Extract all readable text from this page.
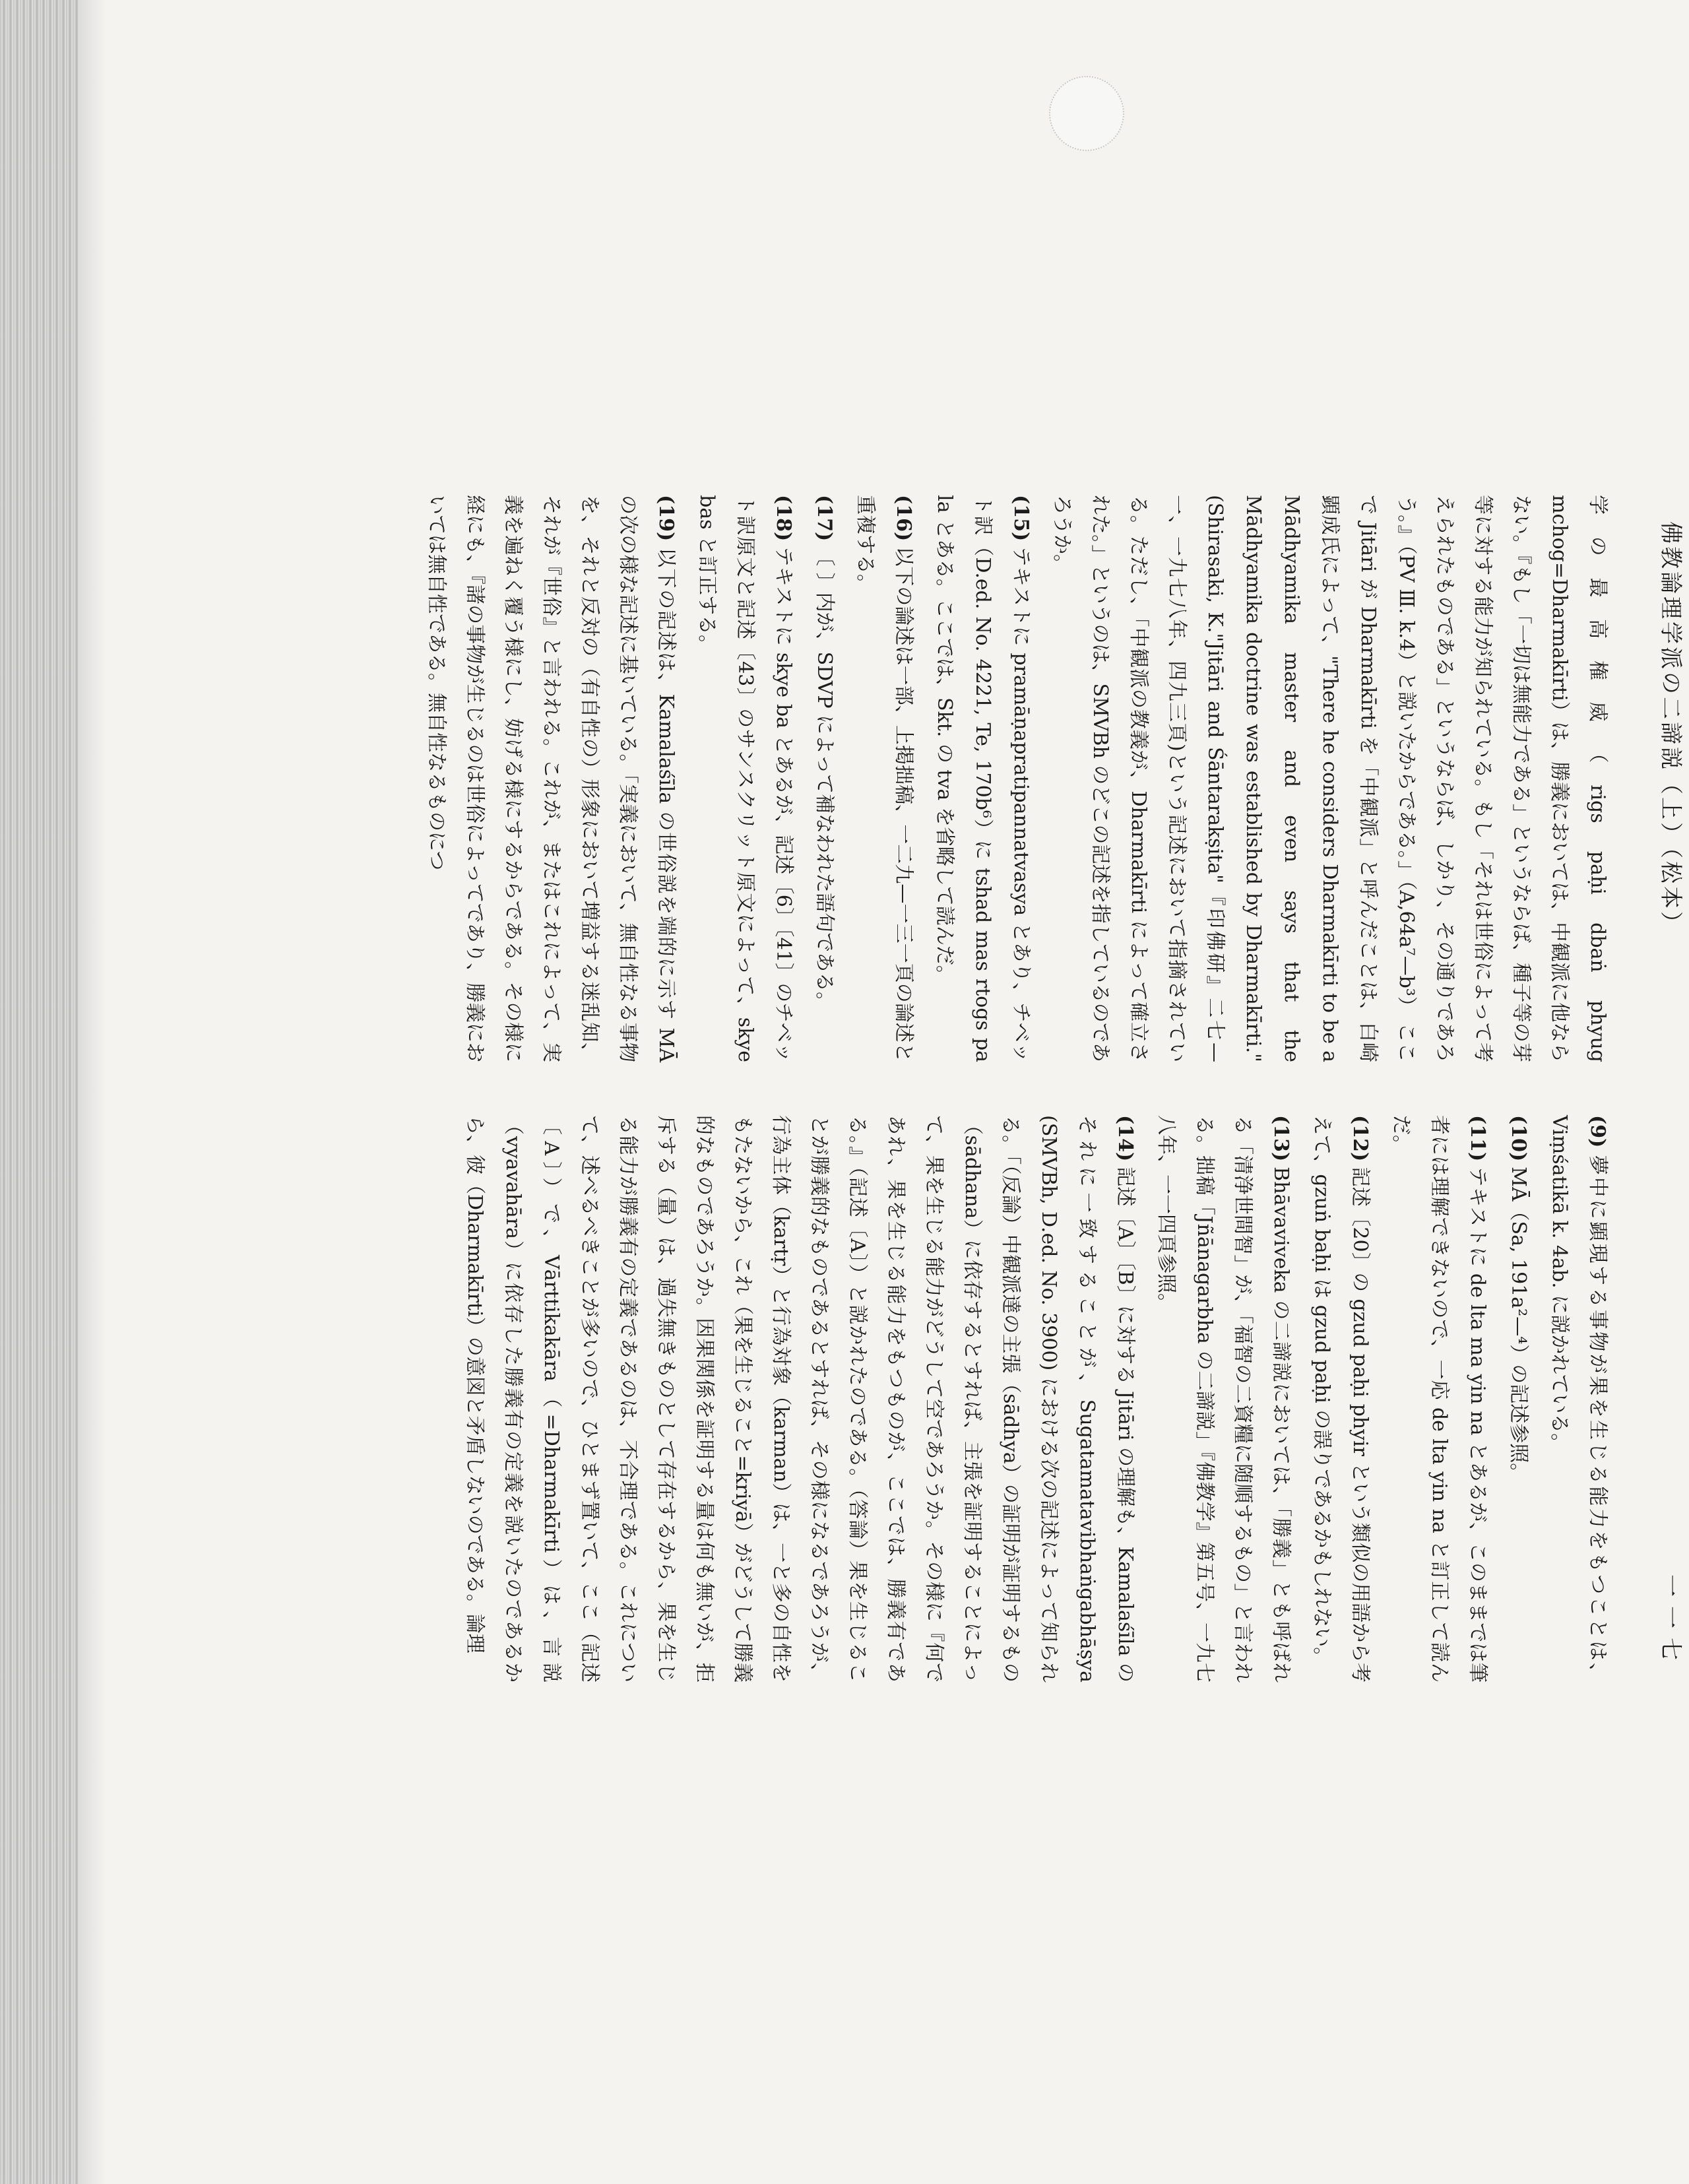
佛教論理学派の二諦説（上）（松本）
一一七

学の最高権威（rigs paḥi dbaṅ phyug mchog=Dharmakīrti）は、勝義においては、中観派に他ならない。『もし「一切は無能力である」というならば、種子等の芽等に対する能力が知られている。もし「それは世俗によって考えられたものである」というならば、しかり、その通りであろう。』（PV Ⅲ. k.4）と説いたからである。」（A,64a⁷—b³） ここで Jitāri が Dharmakīrti を「中観派」と呼んだことは、白崎顕成氏によって、"There he considers Dharmakīrti to be a Mādhyamika master and even says that the Mādhyamika doctrine was established by Dharmakīrti."(Shirasaki, K."Jitāri and Śāntarakṣita"『印佛研』二七—一、一九七八年、四九三頁)という記述において指摘されている。ただし、「中観派の教義が、Dharmakīrti によって確立された。」というのは、SMVBh のどこの記述を指しているのであろうか。

(15)テキストに pramāṇapratipannatvasya とあり、チベット訳（D.ed. No. 4221, Te, 170b⁶）に tshad mas rtogs pa la とある。ここでは、Skt. の tva を省略して読んだ。

(16)以下の論述は一部、上掲拙稿、一二九—一三一頁の論述と重複する。

(17)〔 〕内が、SDVP によって補なわれた語句である。

(18)テキストに skye ba とあるが、記述〔6〕〔41〕のチベット訳原文と記述〔43〕のサンスクリット原文によって、skye bas と訂正する。

(19)以下の記述は、Kamalaśīla の世俗説を端的に示す MĀ の次の様な記述に基いている。「実義において、無自性なる事物を、それと反対の（有自性の）形象において増益する迷乱知、それが『世俗』と言われる。これが、またはこれによって、実義を遍ねく覆う様にし、妨げる様にするからである。その様に経にも、『諸の事物が生じるのは世俗によってであり、勝義においては無自性である。無自性なるものにつ

(9)夢中に顕現する事物が果を生じる能力をもつことは、Viṃśatikā k. 4ab. に説かれている。

(10)MĀ（Sa, 191a²—⁴）の記述参照。

(11)テキストに de lta ma yin na とあるが、このままでは筆者には理解できないので、一応 de lta yin na と訂正して読んだ。

(12)記述〔20〕の gzud paḥi phyir という類似の用語から考えて、gzuṅ baḥi は gzud paḥi の誤りであるかもしれない。

(13)Bhāvaviveka の二諦説においては、「勝義」とも呼ばれる「清浄世間智」が、「福智の二資糧に随順するもの」と言われる。拙稿「Jñānagarbha の二諦説」『佛教学』第五号、一九七八年、一一四頁参照。

(14)記述〔A〕〔B〕に対する Jitāri の理解も、Kamalaśīla のそれに一致することが、Sugatamatavibhaṅgabhāṣya (SMVBh, D.ed. No. 3900) における次の記述によって知られる。「（反論）中観派達の主張（sādhya）の証明が証明するもの（sādhana）に依存するとすれば、主張を証明することによって、果を生じる能力がどうして空であろうか。その様に『何であれ、果を生じる能力をもつものが、ここでは、勝義有である。』（記述〔A〕）と説かれたのである。（答論）果を生じることが勝義的なものであるとすれば、その様になるであろうが、行為主体（kartṛ）と行為対象（karman）は、一と多の自性をもたないから、これ（果を生じること=kriyā）がどうして勝義的なものであろうか。因果関係を証明する量は何も無いが、拒斥する（量）は、過失無きものとして存在するから、果を生じる能力が勝義有の定義であるのは、不合理である。これについて、述べるべきことが多いので、ひとまず置いて、ここ（記述〔A〕）で、Vārttikakāra（=Dharmakīrti）は、言説（vyavahāra）に依存した勝義有の定義を説いたのであるから、彼（Dharmakīrti）の意図と矛盾しないのである。論理
